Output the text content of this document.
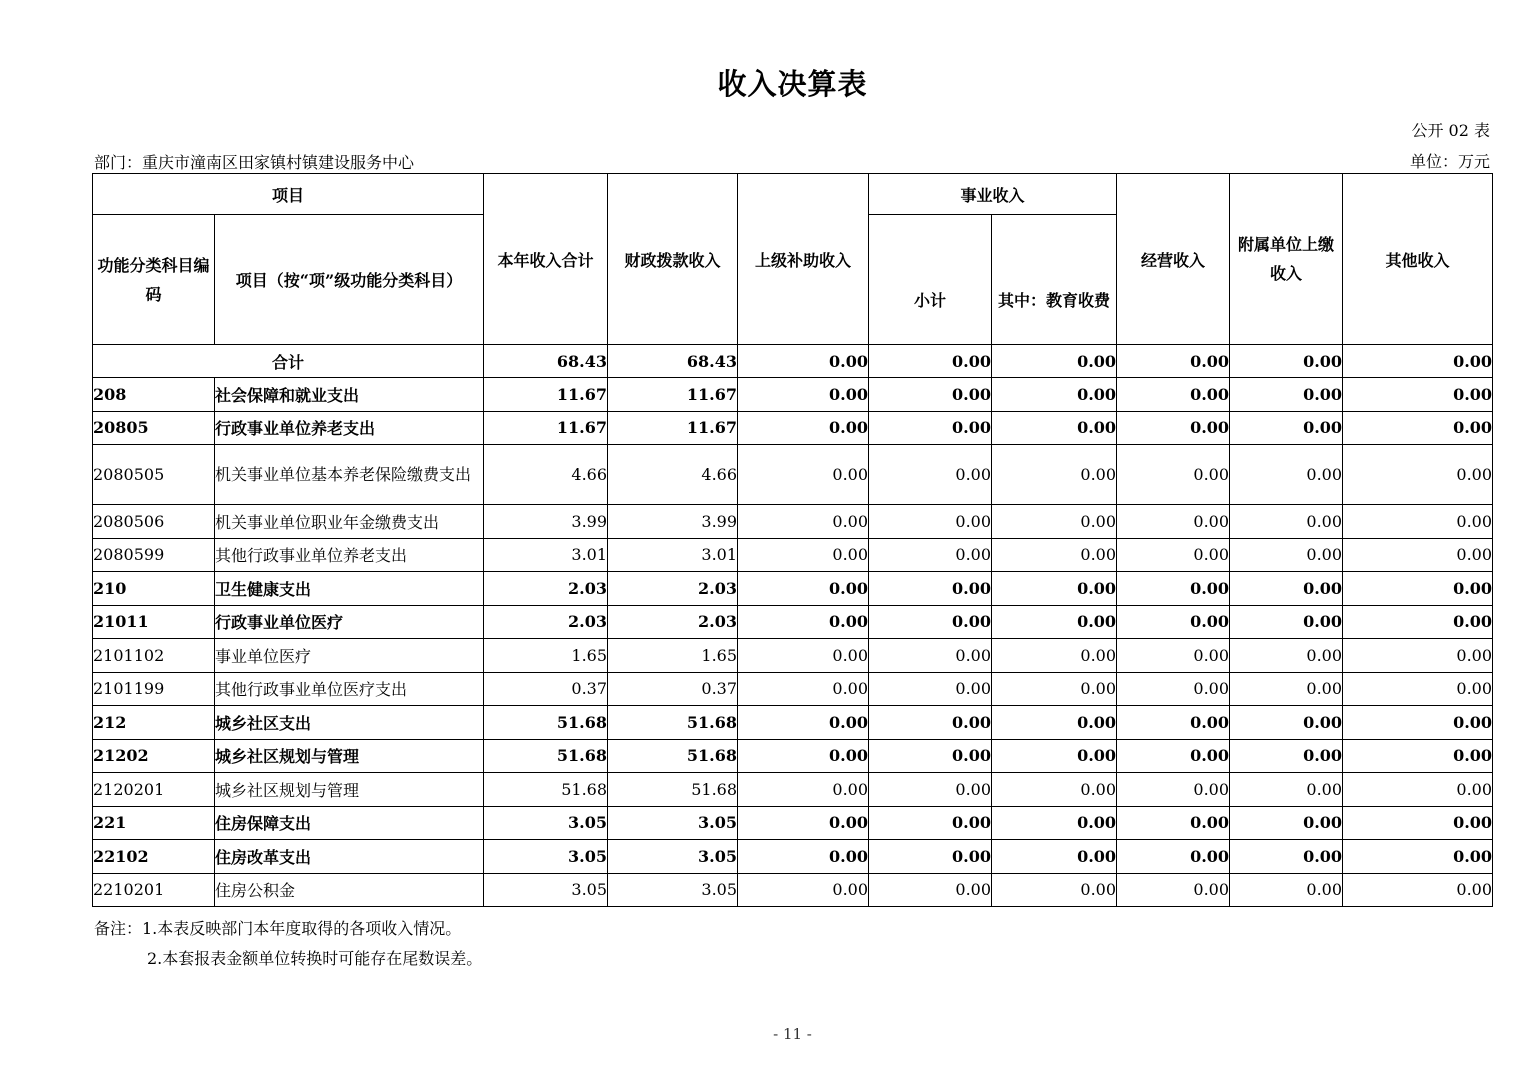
收入决算表
公开 02 表
部门：重庆市潼南区田家镇村镇建设服务中心	单位：万元
项目		本年收入合计	财政拨款收入	上级补助收入	事业收入		经营收入	附属单位上缴收入	其他收入
功能分类科目编码	项目（按“项”级功能分类科目）				小计	其中：教育收费			
合计		68.43	68.43	0.00	0.00	0.00	0.00	0.00	0.00
208	社会保障和就业支出	11.67	11.67	0.00	0.00	0.00	0.00	0.00	0.00
20805	行政事业单位养老支出	11.67	11.67	0.00	0.00	0.00	0.00	0.00	0.00
2080505	机关事业单位基本养老保险缴费支出	4.66	4.66	0.00	0.00	0.00	0.00	0.00	0.00
2080506	机关事业单位职业年金缴费支出	3.99	3.99	0.00	0.00	0.00	0.00	0.00	0.00
2080599	其他行政事业单位养老支出	3.01	3.01	0.00	0.00	0.00	0.00	0.00	0.00
210	卫生健康支出	2.03	2.03	0.00	0.00	0.00	0.00	0.00	0.00
21011	行政事业单位医疗	2.03	2.03	0.00	0.00	0.00	0.00	0.00	0.00
2101102	事业单位医疗	1.65	1.65	0.00	0.00	0.00	0.00	0.00	0.00
2101199	其他行政事业单位医疗支出	0.37	0.37	0.00	0.00	0.00	0.00	0.00	0.00
212	城乡社区支出	51.68	51.68	0.00	0.00	0.00	0.00	0.00	0.00
21202	城乡社区规划与管理	51.68	51.68	0.00	0.00	0.00	0.00	0.00	0.00
2120201	城乡社区规划与管理	51.68	51.68	0.00	0.00	0.00	0.00	0.00	0.00
221	住房保障支出	3.05	3.05	0.00	0.00	0.00	0.00	0.00	0.00
22102	住房改革支出	3.05	3.05	0.00	0.00	0.00	0.00	0.00	0.00
2210201	住房公积金	3.05	3.05	0.00	0.00	0.00	0.00	0.00	0.00
备注：1.本表反映部门本年度取得的各项收入情况。
2.本套报表金额单位转换时可能存在尾数误差。
- 11 -
